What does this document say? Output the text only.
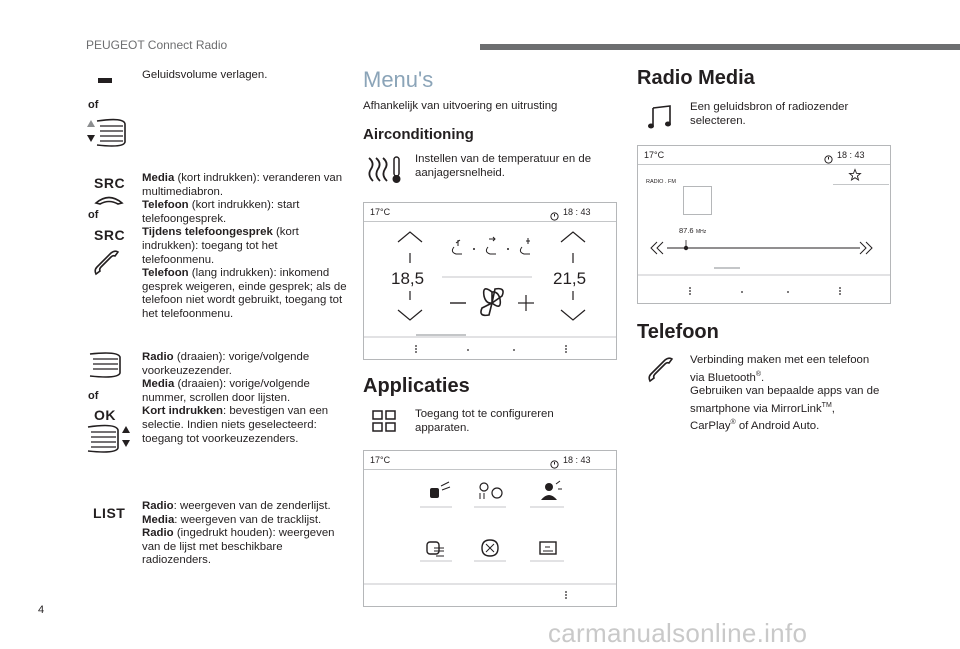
PEUGEOT Connect Radio
Geluidsvolume verlagen.
of
SRC
of
SRC
Media (kort indrukken): veranderen van multimediabron.
Telefoon (kort indrukken): start telefoongesprek.
Tijdens telefoongesprek (kort indrukken): toegang tot het telefoonmenu.
Telefoon (lang indrukken): inkomend gesprek weigeren, einde gesprek; als de telefoon niet wordt gebruikt, toegang tot het telefoonmenu.
of
OK
Radio (draaien): vorige/volgende voorkeuzezender.
Media (draaien): vorige/volgende nummer, scrollen door lijsten.
Kort indrukken: bevestigen van een selectie. Indien niets geselecteerd: toegang tot voorkeuzezenders.
LIST Radio: weergeven van de zenderlijst.
Media: weergeven van de tracklijst.
Radio (ingedrukt houden): weergeven van de lijst met beschikbare radiozenders.
Menu's
Afhankelijk van uitvoering en uitrusting
Airconditioning
Instellen van de temperatuur en de aanjagersnelheid.
17°C	18 : 43
18,5	21,5
Applicaties
Toegang tot te configureren apparaten.
17°C	18 : 43
Radio Media
Een geluidsbron of radiozender selecteren.
17°C	18 : 43
RADIO . FM
87.6 MHz
Telefoon
Verbinding maken met een telefoon via Bluetooth®.
Gebruiken van bepaalde apps van de smartphone via MirrorLink™,
CarPlay® of Android Auto.
4
carmanualsonline.info
